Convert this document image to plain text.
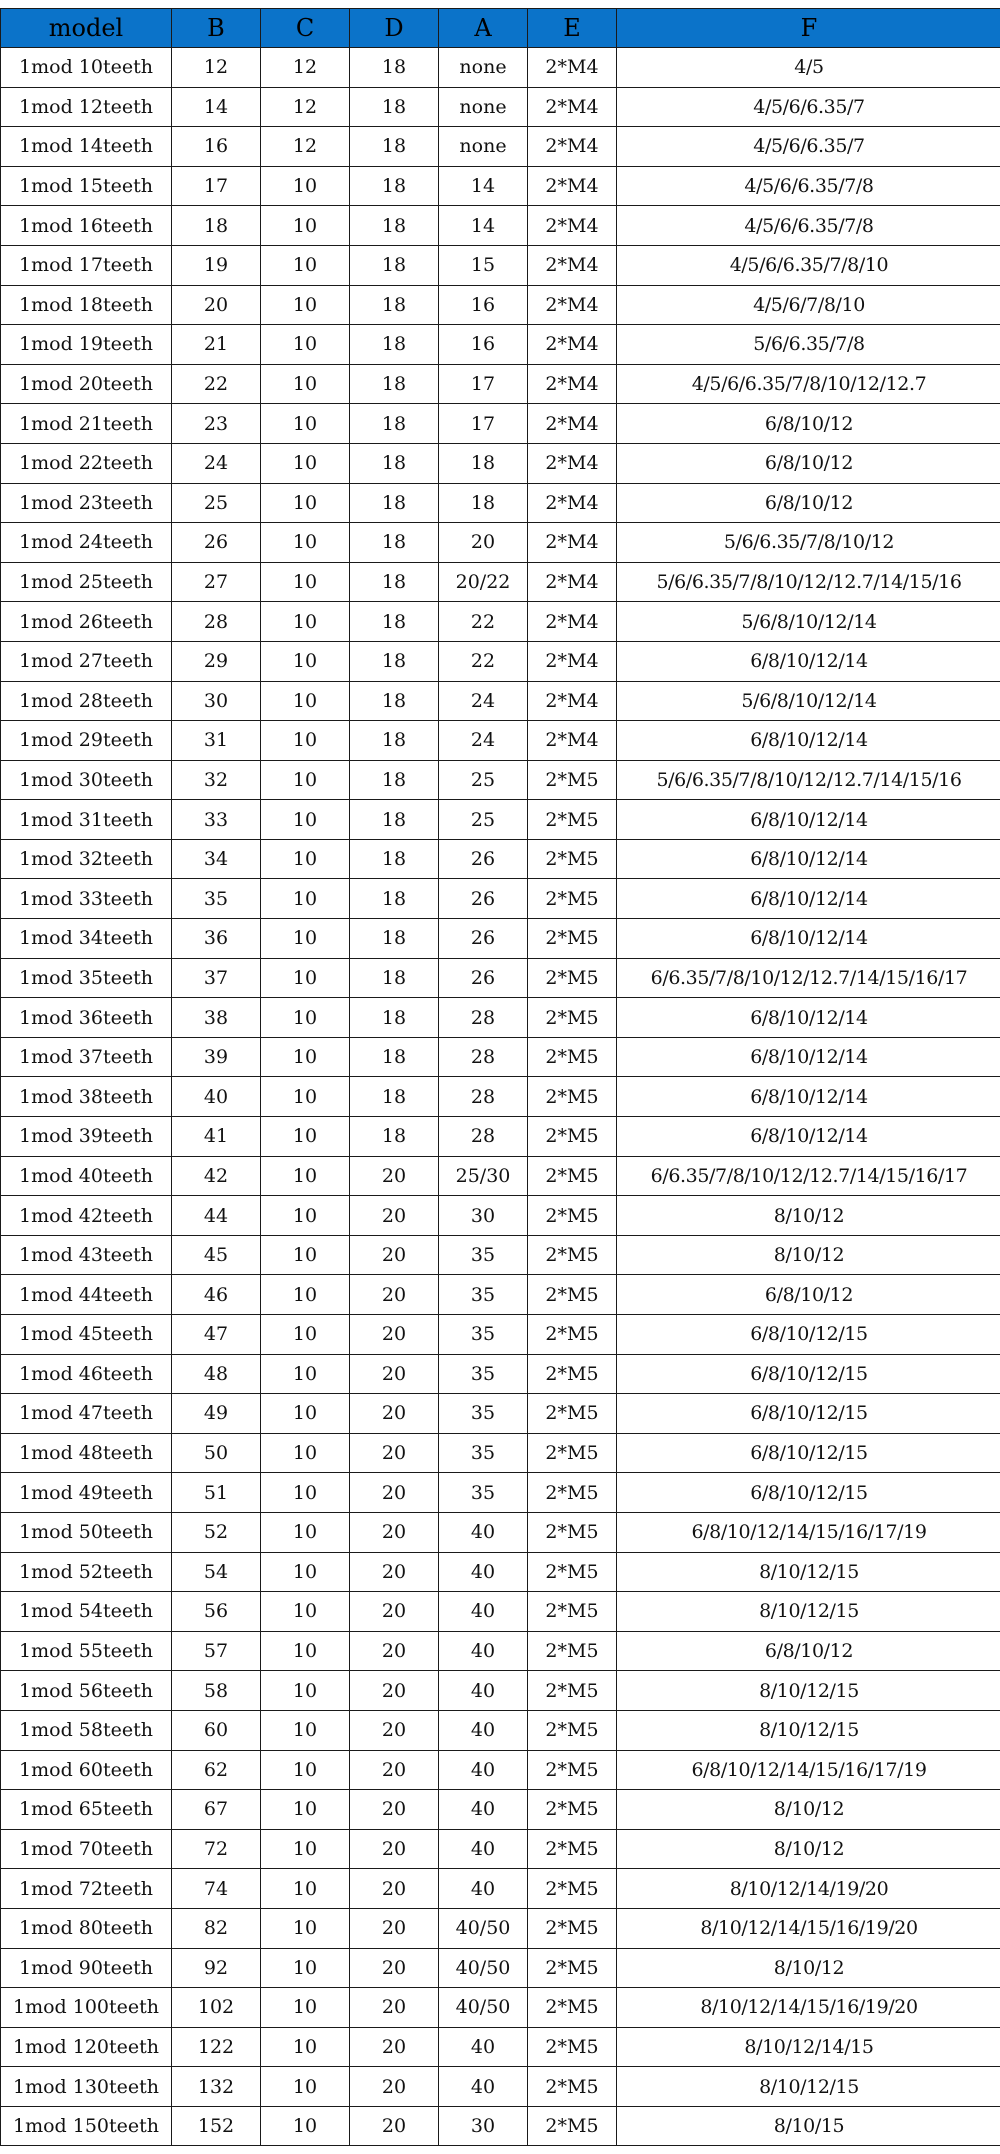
model	B	C	D	A	E	F
1mod 10teeth	12	12	18	none	2*M4	4/5
1mod 12teeth	14	12	18	none	2*M4	4/5/6/6.35/7
1mod 14teeth	16	12	18	none	2*M4	4/5/6/6.35/7
1mod 15teeth	17	10	18	14	2*M4	4/5/6/6.35/7/8
1mod 16teeth	18	10	18	14	2*M4	4/5/6/6.35/7/8
1mod 17teeth	19	10	18	15	2*M4	4/5/6/6.35/7/8/10
1mod 18teeth	20	10	18	16	2*M4	4/5/6/7/8/10
1mod 19teeth	21	10	18	16	2*M4	5/6/6.35/7/8
1mod 20teeth	22	10	18	17	2*M4	4/5/6/6.35/7/8/10/12/12.7
1mod 21teeth	23	10	18	17	2*M4	6/8/10/12
1mod 22teeth	24	10	18	18	2*M4	6/8/10/12
1mod 23teeth	25	10	18	18	2*M4	6/8/10/12
1mod 24teeth	26	10	18	20	2*M4	5/6/6.35/7/8/10/12
1mod 25teeth	27	10	18	20/22	2*M4	5/6/6.35/7/8/10/12/12.7/14/15/16
1mod 26teeth	28	10	18	22	2*M4	5/6/8/10/12/14
1mod 27teeth	29	10	18	22	2*M4	6/8/10/12/14
1mod 28teeth	30	10	18	24	2*M4	5/6/8/10/12/14
1mod 29teeth	31	10	18	24	2*M4	6/8/10/12/14
1mod 30teeth	32	10	18	25	2*M5	5/6/6.35/7/8/10/12/12.7/14/15/16
1mod 31teeth	33	10	18	25	2*M5	6/8/10/12/14
1mod 32teeth	34	10	18	26	2*M5	6/8/10/12/14
1mod 33teeth	35	10	18	26	2*M5	6/8/10/12/14
1mod 34teeth	36	10	18	26	2*M5	6/8/10/12/14
1mod 35teeth	37	10	18	26	2*M5	6/6.35/7/8/10/12/12.7/14/15/16/17
1mod 36teeth	38	10	18	28	2*M5	6/8/10/12/14
1mod 37teeth	39	10	18	28	2*M5	6/8/10/12/14
1mod 38teeth	40	10	18	28	2*M5	6/8/10/12/14
1mod 39teeth	41	10	18	28	2*M5	6/8/10/12/14
1mod 40teeth	42	10	20	25/30	2*M5	6/6.35/7/8/10/12/12.7/14/15/16/17
1mod 42teeth	44	10	20	30	2*M5	8/10/12
1mod 43teeth	45	10	20	35	2*M5	8/10/12
1mod 44teeth	46	10	20	35	2*M5	6/8/10/12
1mod 45teeth	47	10	20	35	2*M5	6/8/10/12/15
1mod 46teeth	48	10	20	35	2*M5	6/8/10/12/15
1mod 47teeth	49	10	20	35	2*M5	6/8/10/12/15
1mod 48teeth	50	10	20	35	2*M5	6/8/10/12/15
1mod 49teeth	51	10	20	35	2*M5	6/8/10/12/15
1mod 50teeth	52	10	20	40	2*M5	6/8/10/12/14/15/16/17/19
1mod 52teeth	54	10	20	40	2*M5	8/10/12/15
1mod 54teeth	56	10	20	40	2*M5	8/10/12/15
1mod 55teeth	57	10	20	40	2*M5	6/8/10/12
1mod 56teeth	58	10	20	40	2*M5	8/10/12/15
1mod 58teeth	60	10	20	40	2*M5	8/10/12/15
1mod 60teeth	62	10	20	40	2*M5	6/8/10/12/14/15/16/17/19
1mod 65teeth	67	10	20	40	2*M5	8/10/12
1mod 70teeth	72	10	20	40	2*M5	8/10/12
1mod 72teeth	74	10	20	40	2*M5	8/10/12/14/19/20
1mod 80teeth	82	10	20	40/50	2*M5	8/10/12/14/15/16/19/20
1mod 90teeth	92	10	20	40/50	2*M5	8/10/12
1mod 100teeth	102	10	20	40/50	2*M5	8/10/12/14/15/16/19/20
1mod 120teeth	122	10	20	40	2*M5	8/10/12/14/15
1mod 130teeth	132	10	20	40	2*M5	8/10/12/15
1mod 150teeth	152	10	20	30	2*M5	8/10/15
